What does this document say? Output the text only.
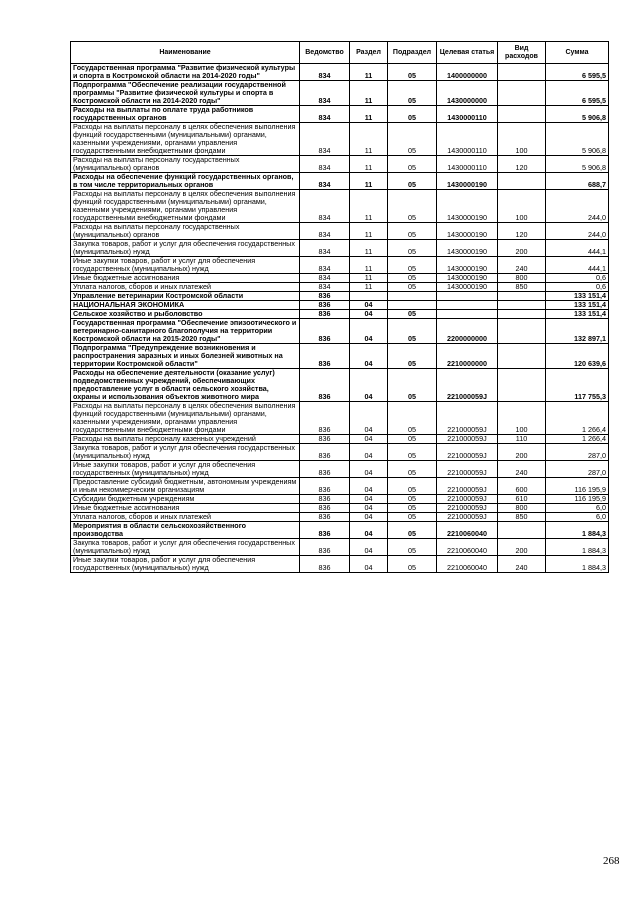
Наименование	Ведомство	Раздел	Подраздел	Целевая статья	Вид расходов	Сумма
Государственная программа "Развитие физической культуры и спорта в Костромской области на 2014-2020 годы"	834	11	05	1400000000		6 595,5
Подпрограмма "Обеспечение реализации государственной программы "Развитие физической культуры и спорта в Костромской области на 2014-2020 годы"	834	11	05	1430000000		6 595,5
Расходы на выплаты по оплате труда работников государственных органов	834	11	05	1430000110		5 906,8
Расходы на выплаты персоналу в целях обеспечения выполнения функций государственными (муниципальными) органами, казенными учреждениями, органами управления государственными внебюджетными фондами	834	11	05	1430000110	100	5 906,8
Расходы на выплаты персоналу государственных (муниципальных) органов	834	11	05	1430000110	120	5 906,8
Расходы на обеспечение функций государственных органов, в том числе территориальных органов	834	11	05	1430000190		688,7
Расходы на выплаты персоналу в целях обеспечения выполнения функций государственными (муниципальными) органами, казенными учреждениями, органами управления государственными внебюджетными фондами	834	11	05	1430000190	100	244,0
Расходы на выплаты персоналу государственных (муниципальных) органов	834	11	05	1430000190	120	244,0
Закупка товаров, работ и услуг для обеспечения государственных (муниципальных) нужд	834	11	05	1430000190	200	444,1
Иные закупки товаров, работ и услуг для обеспечения государственных (муниципальных) нужд	834	11	05	1430000190	240	444,1
Иные бюджетные ассигнования	834	11	05	1430000190	800	0,6
Уплата налогов, сборов и иных платежей	834	11	05	1430000190	850	0,6
Управление ветеринарии Костромской области	836					133 151,4
НАЦИОНАЛЬНАЯ ЭКОНОМИКА	836	04				133 151,4
Сельское хозяйство и рыболовство	836	04	05			133 151,4
Государственная программа "Обеспечение эпизоотического и ветеринарно-санитарного благополучия на территории Костромской области на 2015-2020 годы"	836	04	05	2200000000		132 897,1
Подпрограмма "Предупреждение возникновения и распространения заразных и иных болезней животных на территории Костромской области"	836	04	05	2210000000		120 639,6
Расходы на обеспечение деятельности (оказание услуг) подведомственных учреждений, обеспечивающих предоставление услуг в области сельского хозяйства, охраны и использования объектов животного мира	836	04	05	221000059J		117 755,3
Расходы на выплаты персоналу в целях обеспечения выполнения функций государственными (муниципальными) органами, казенными учреждениями, органами управления государственными внебюджетными фондами	836	04	05	221000059J	100	1 266,4
Расходы на выплаты персоналу казенных учреждений	836	04	05	221000059J	110	1 266,4
Закупка товаров, работ и услуг для обеспечения государственных (муниципальных) нужд	836	04	05	221000059J	200	287,0
Иные закупки товаров, работ и услуг для обеспечения государственных (муниципальных) нужд	836	04	05	221000059J	240	287,0
Предоставление субсидий бюджетным, автономным учреждениям и иным некоммерческим организациям	836	04	05	221000059J	600	116 195,9
Субсидии бюджетным учреждениям	836	04	05	221000059J	610	116 195,9
Иные бюджетные ассигнования	836	04	05	221000059J	800	6,0
Уплата налогов, сборов и иных платежей	836	04	05	221000059J	850	6,0
Мероприятия в области сельскохозяйственного производства	836	04	05	2210060040		1 884,3
Закупка товаров, работ и услуг для обеспечения государственных (муниципальных) нужд	836	04	05	2210060040	200	1 884,3
Иные закупки товаров, работ и услуг для обеспечения государственных (муниципальных) нужд	836	04	05	2210060040	240	1 884,3
268
